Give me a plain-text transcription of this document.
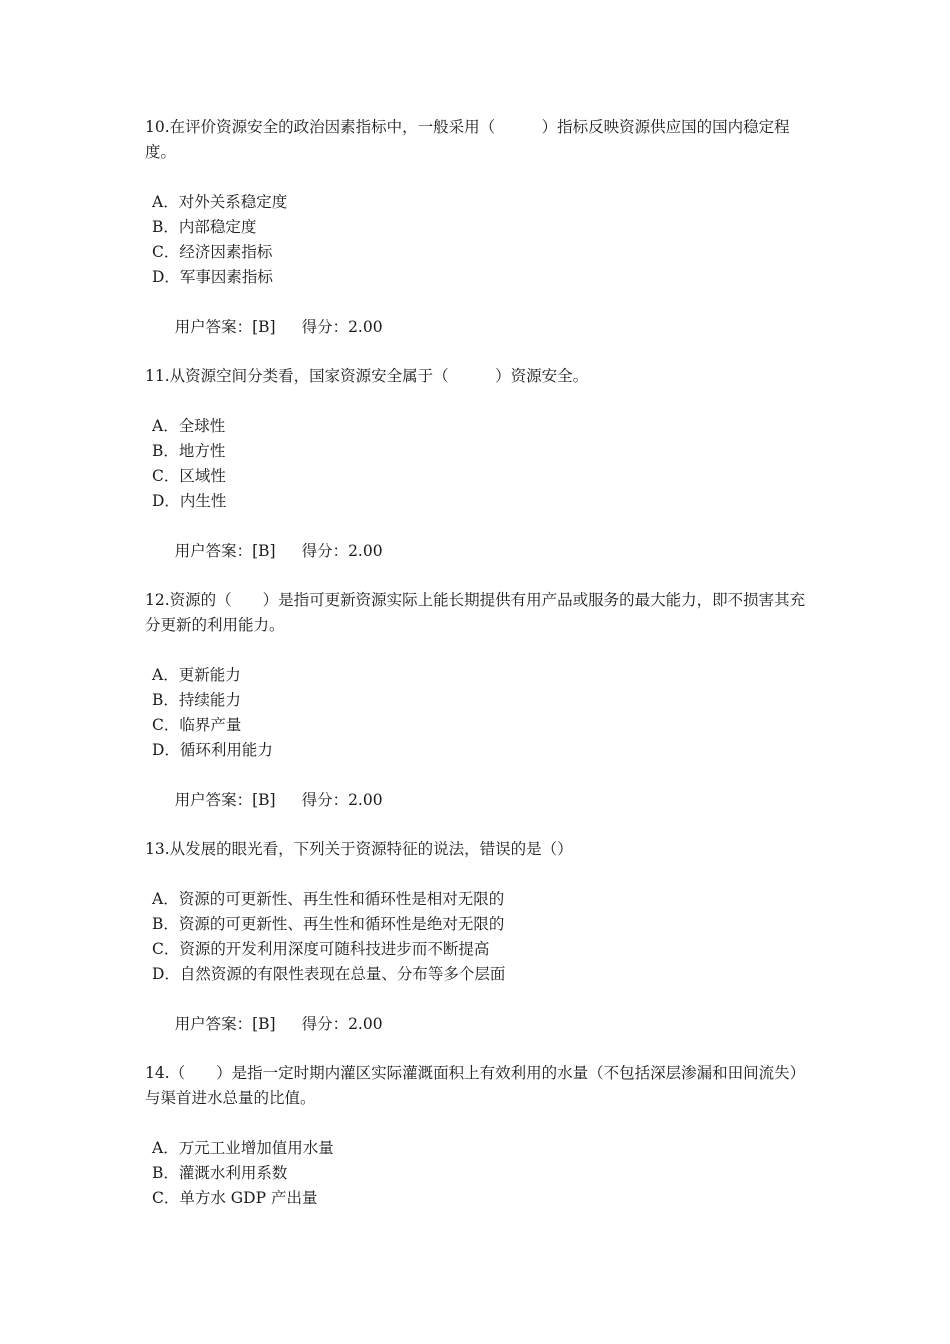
10.在评价资源安全的政治因素指标中，一般采用（　　　）指标反映资源供应国的国内稳定程度。

A．对外关系稳定度
B．内部稳定度
C．经济因素指标
D．军事因素指标

用户答案：[B] 得分：2.00

11.从资源空间分类看，国家资源安全属于（　　　）资源安全。

A．全球性
B．地方性
C．区域性
D．内生性

用户答案：[B] 得分：2.00

12.资源的（　　）是指可更新资源实际上能长期提供有用产品或服务的最大能力，即不损害其充分更新的利用能力。

A．更新能力
B．持续能力
C．临界产量
D．循环利用能力

用户答案：[B] 得分：2.00

13.从发展的眼光看，下列关于资源特征的说法，错误的是（）

A．资源的可更新性、再生性和循环性是相对无限的
B．资源的可更新性、再生性和循环性是绝对无限的
C．资源的开发利用深度可随科技进步而不断提高
D．自然资源的有限性表现在总量、分布等多个层面

用户答案：[B] 得分：2.00

14.（　　）是指一定时期内灌区实际灌溉面积上有效利用的水量（不包括深层渗漏和田间流失）与渠首进水总量的比值。

A．万元工业增加值用水量
B．灌溉水利用系数
C．单方水 GDP 产出量
